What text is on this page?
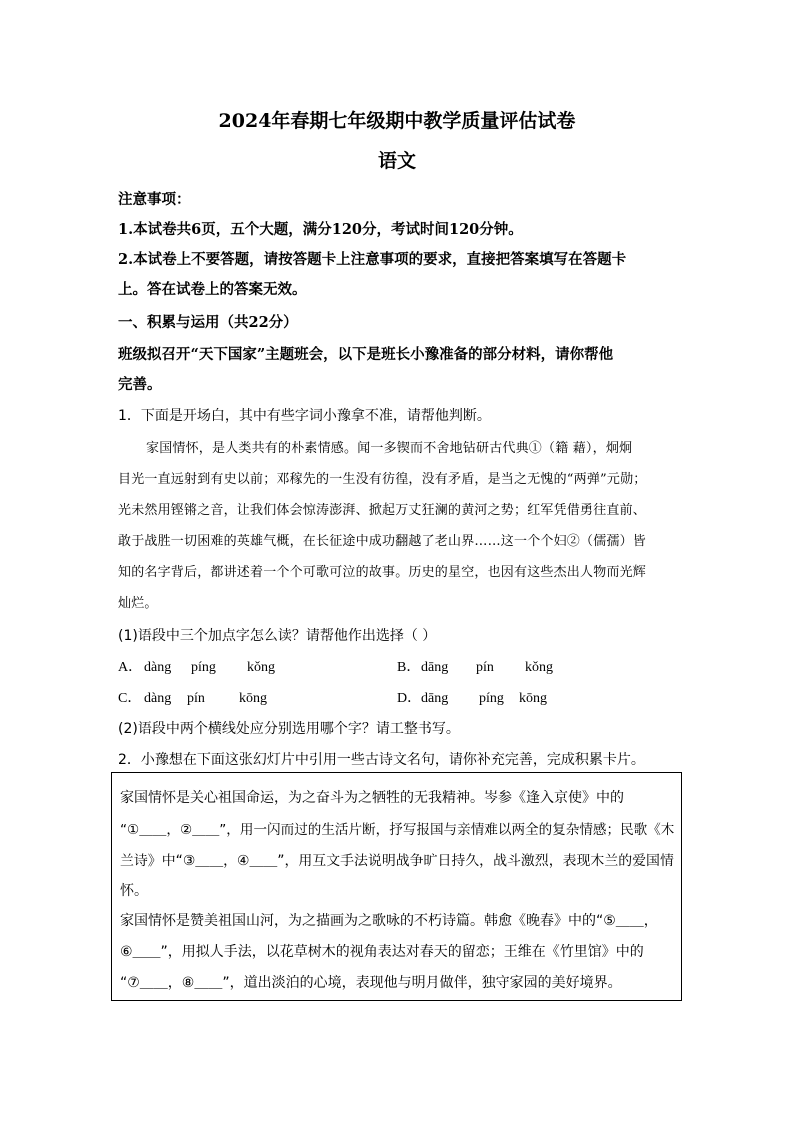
2024年春期七年级期中教学质量评估试卷
语文
注意事项：
1.本试卷共6页，五个大题，满分120分，考试时间120分钟。
2.本试卷上不要答题，请按答题卡上注意事项的要求，直接把答案填写在答题卡
上。答在试卷上的答案无效。
一、积累与运用（共22分）
班级拟召开“天下国家”主题班会，以下是班长小豫准备的部分材料，请你帮他
完善。
1．下面是开场白，其中有些字词小豫拿不准，请帮他判断。
家国情怀，是人类共有的朴素情感。闻一多锲而不舍地钻研古代典①（籍 藉），炯炯
目光一直远射到有史以前；邓稼先的一生没有彷徨，没有矛盾，是当之无愧的“两弹”元勋；
光未然用铿锵之音，让我们体会惊涛澎湃、掀起万丈狂澜的黄河之势；红军凭借勇往直前、
敢于战胜一切困难的英雄气概，在长征途中成功翻越了老山界……这一个个妇②（儒孺）皆
知的名字背后，都讲述着一个个可歌可泣的故事。历史的星空，也因有这些杰出人物而光辉
灿烂。
(1)语段中三个加点字怎么读？请帮他作出选择（ ）
A． dàng píng kǒng	B．dāng pín kǒng
C． dàng pín kōng	D．dāng píng kōng
(2)语段中两个横线处应分别选用哪个字？请工整书写。
2．小豫想在下面这张幻灯片中引用一些古诗文名句，请你补充完善，完成积累卡片。
家国情怀是关心祖国命运，为之奋斗为之牺牲的无我精神。岑参《逢入京使》中的
“①＿＿，②＿＿”，用一闪而过的生活片断，抒写报国与亲情难以两全的复杂情感；民歌《木
兰诗》中“③＿＿，④＿＿”，用互文手法说明战争旷日持久，战斗激烈，表现木兰的爱国情
怀。
家国情怀是赞美祖国山河，为之描画为之歌咏的不朽诗篇。韩愈《晚春》中的“⑤＿＿，
⑥＿＿”，用拟人手法，以花草树木的视角表达对春天的留恋；王维在《竹里馆》中的
“⑦＿＿，⑧＿＿”，道出淡泊的心境，表现他与明月做伴，独守家园的美好境界。
